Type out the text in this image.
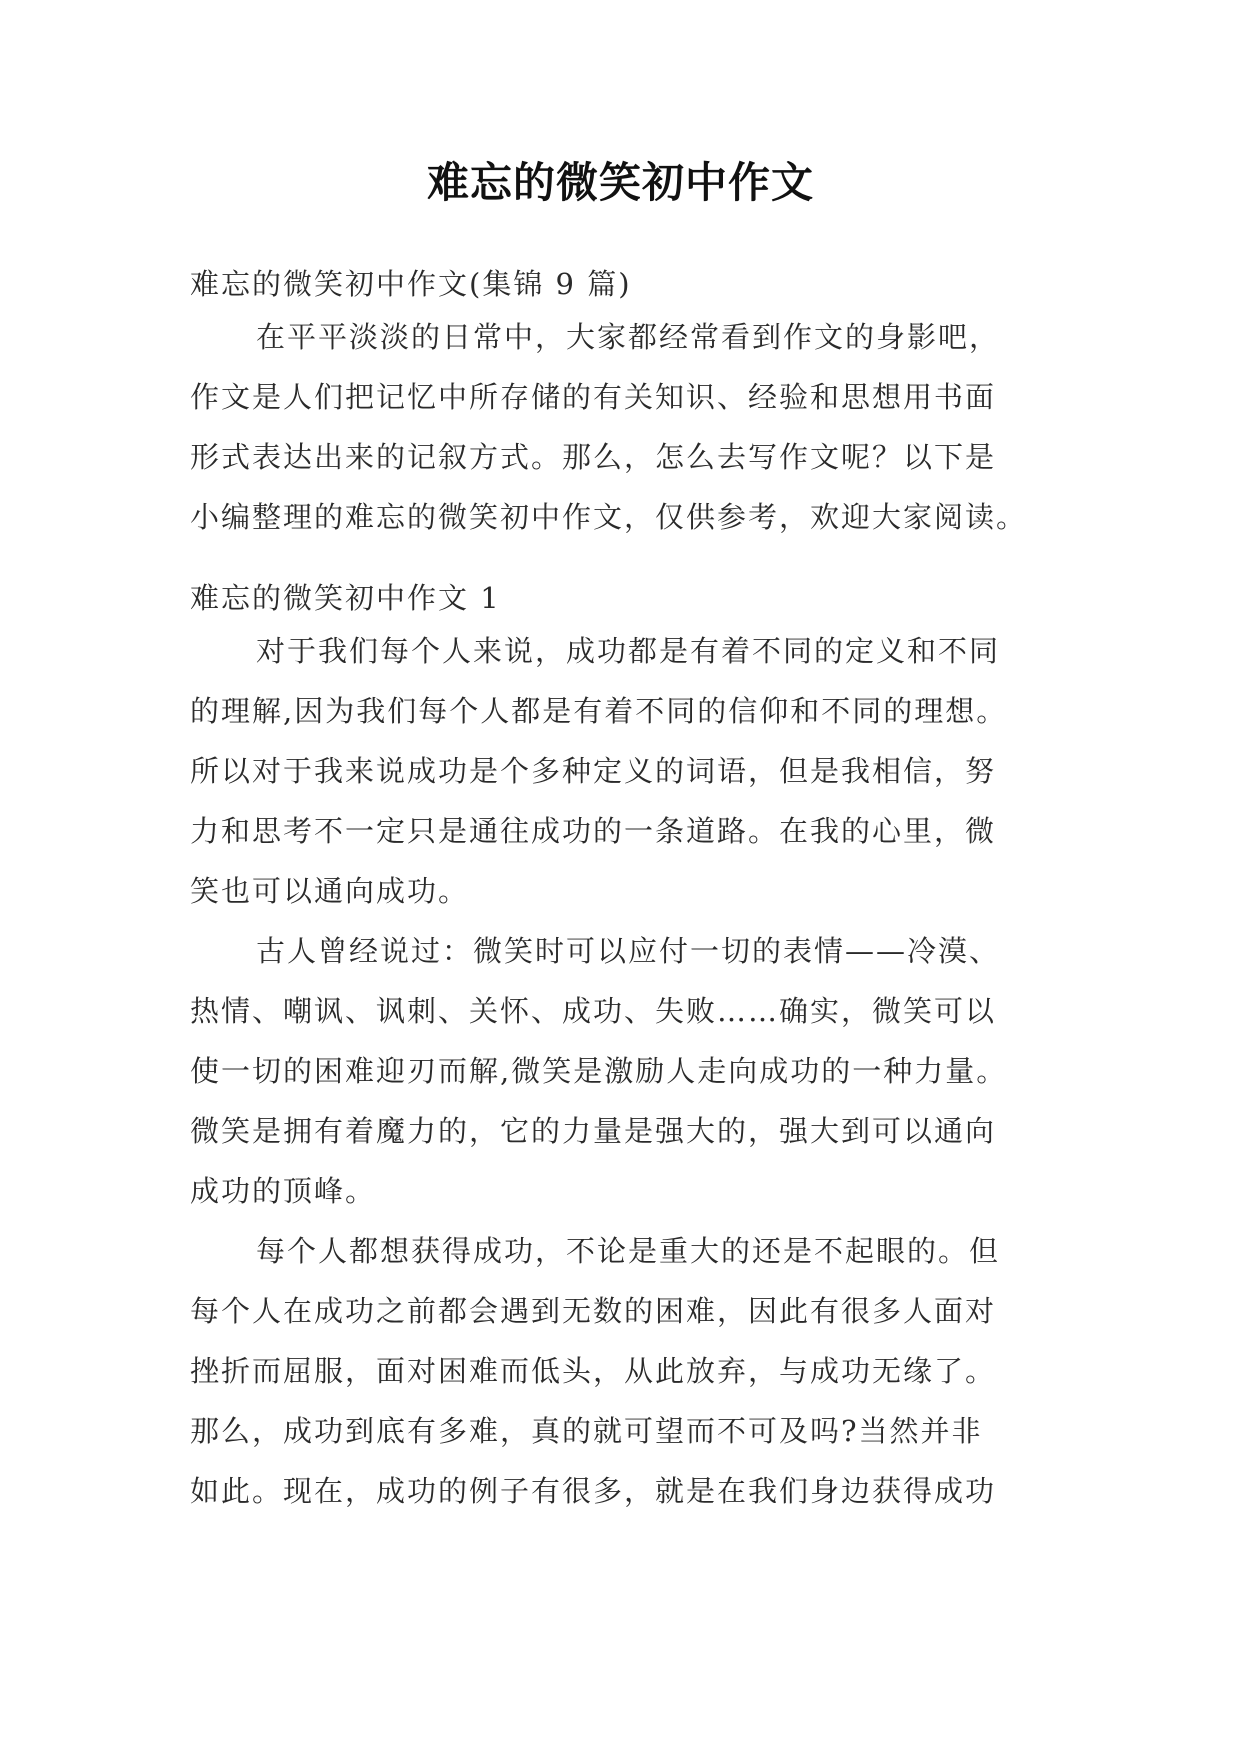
难忘的微笑初中作文
难忘的微笑初中作文(集锦 9 篇)
在平平淡淡的日常中，大家都经常看到作文的身影吧，
作文是人们把记忆中所存储的有关知识、经验和思想用书面
形式表达出来的记叙方式。那么，怎么去写作文呢？以下是
小编整理的难忘的微笑初中作文，仅供参考，欢迎大家阅读。
难忘的微笑初中作文 1
对于我们每个人来说，成功都是有着不同的定义和不同
的理解,因为我们每个人都是有着不同的信仰和不同的理想。
所以对于我来说成功是个多种定义的词语，但是我相信，努
力和思考不一定只是通往成功的一条道路。在我的心里，微
笑也可以通向成功。
古人曾经说过：微笑时可以应付一切的表情——冷漠、
热情、嘲讽、讽刺、关怀、成功、失败……确实，微笑可以
使一切的困难迎刃而解,微笑是激励人走向成功的一种力量。
微笑是拥有着魔力的，它的力量是强大的，强大到可以通向
成功的顶峰。
每个人都想获得成功，不论是重大的还是不起眼的。但
每个人在成功之前都会遇到无数的困难，因此有很多人面对
挫折而屈服，面对困难而低头，从此放弃，与成功无缘了。
那么，成功到底有多难，真的就可望而不可及吗?当然并非
如此。现在，成功的例子有很多，就是在我们身边获得成功
